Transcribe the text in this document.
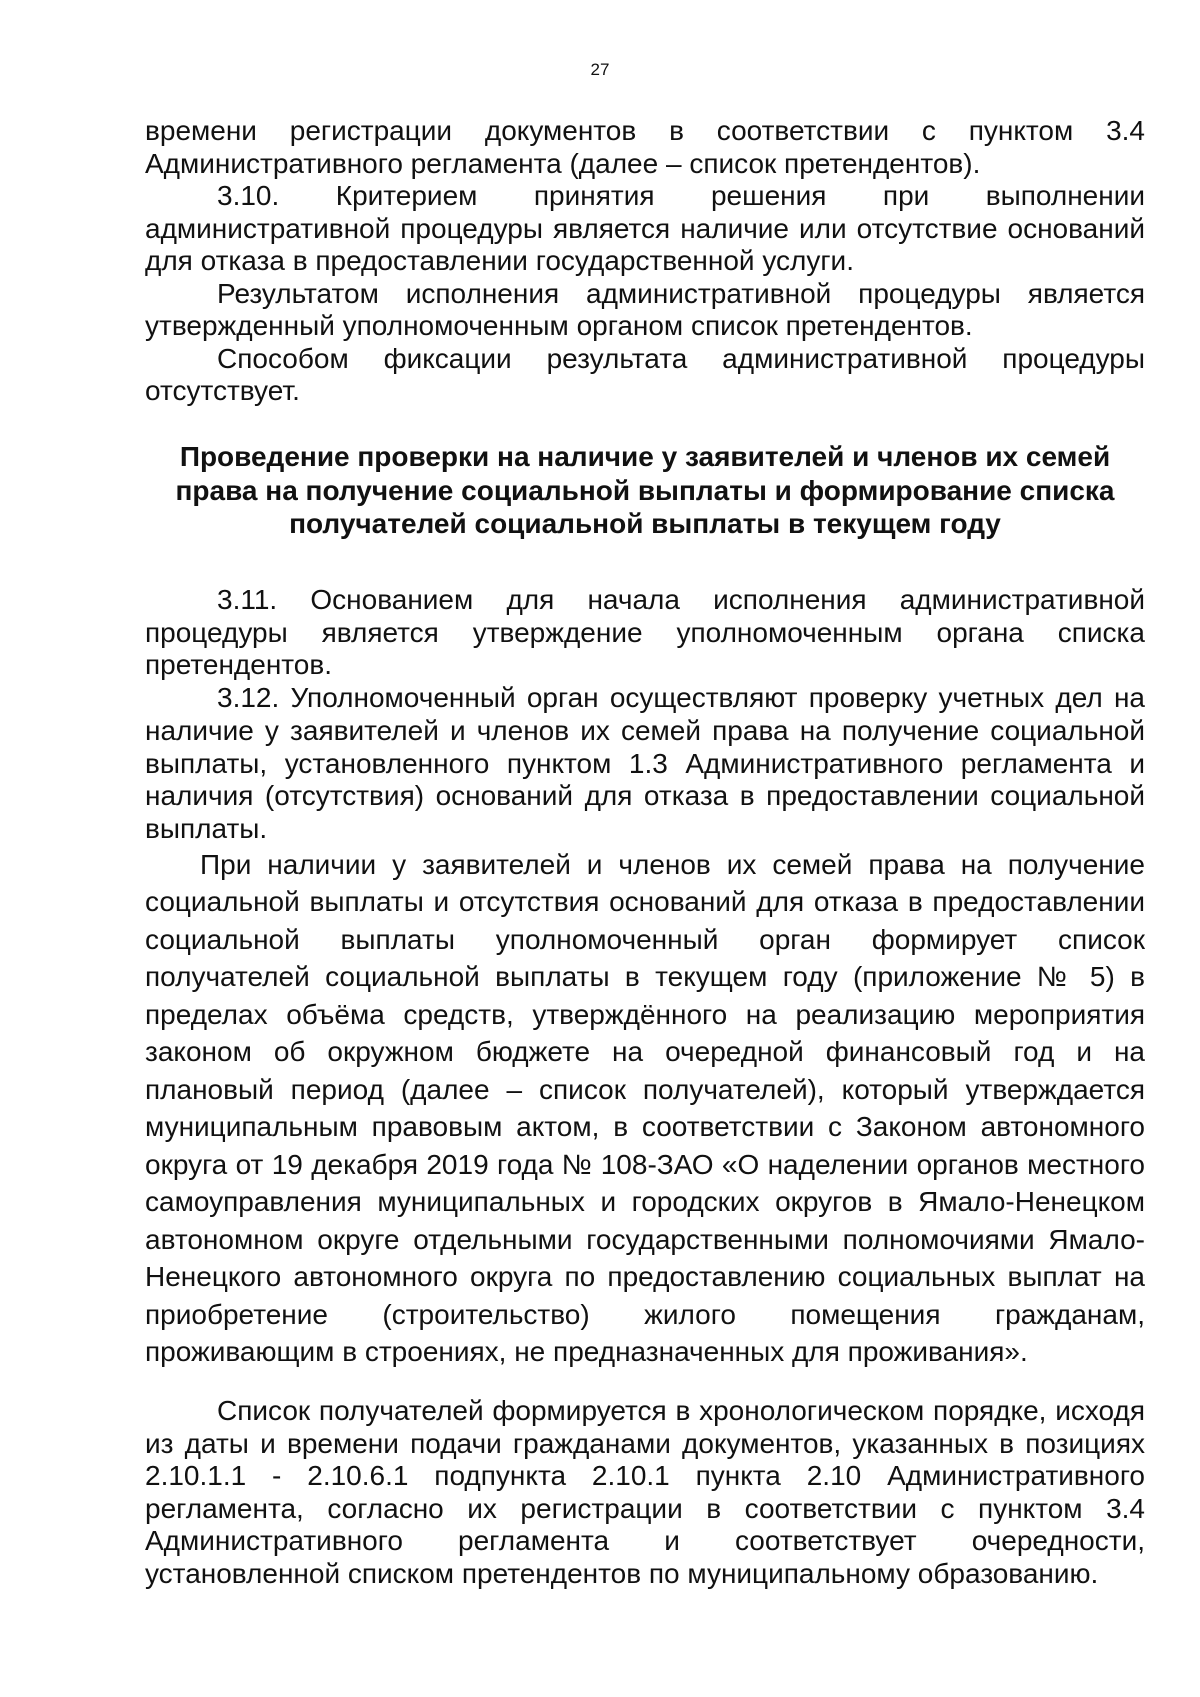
27

времени регистрации документов в соответствии с пунктом 3.4 Административного регламента (далее – список претендентов).

3.10. Критерием принятия решения при выполнении административной процедуры является наличие или отсутствие оснований для отказа в предоставлении государственной услуги.

Результатом исполнения административной процедуры является утвержденный уполномоченным органом список претендентов.

Способом фиксации результата административной процедуры отсутствует.

Проведение проверки на наличие у заявителей и членов их семей права на получение социальной выплаты и формирование списка получателей социальной выплаты в текущем году

3.11. Основанием для начала исполнения административной процедуры является утверждение уполномоченным органа списка претендентов.

3.12. Уполномоченный орган осуществляют проверку учетных дел на наличие у заявителей и членов их семей права на получение социальной выплаты, установленного пунктом 1.3 Административного регламента и наличия (отсутствия) оснований для отказа в предоставлении социальной выплаты.

При наличии у заявителей и членов их семей права на получение социальной выплаты и отсутствия оснований для отказа в предоставлении социальной выплаты уполномоченный орган формирует список получателей социальной выплаты в текущем году (приложение № 5) в пределах объёма средств, утверждённого на реализацию мероприятия законом об окружном бюджете на очередной финансовый год и на плановый период (далее – список получателей), который утверждается муниципальным правовым актом, в соответствии с Законом автономного округа от 19 декабря 2019 года № 108-ЗАО «О наделении органов местного самоуправления муниципальных и городских округов в Ямало-Ненецком автономном округе отдельными государственными полномочиями Ямало-Ненецкого автономного округа по предоставлению социальных выплат на приобретение (строительство) жилого помещения гражданам, проживающим в строениях, не предназначенных для проживания».

Список получателей формируется в хронологическом порядке, исходя из даты и времени подачи гражданами документов, указанных в позициях 2.10.1.1 - 2.10.6.1 подпункта 2.10.1 пункта 2.10 Административного регламента, согласно их регистрации в соответствии с пунктом 3.4 Административного регламента и соответствует очередности, установленной списком претендентов по муниципальному образованию.
